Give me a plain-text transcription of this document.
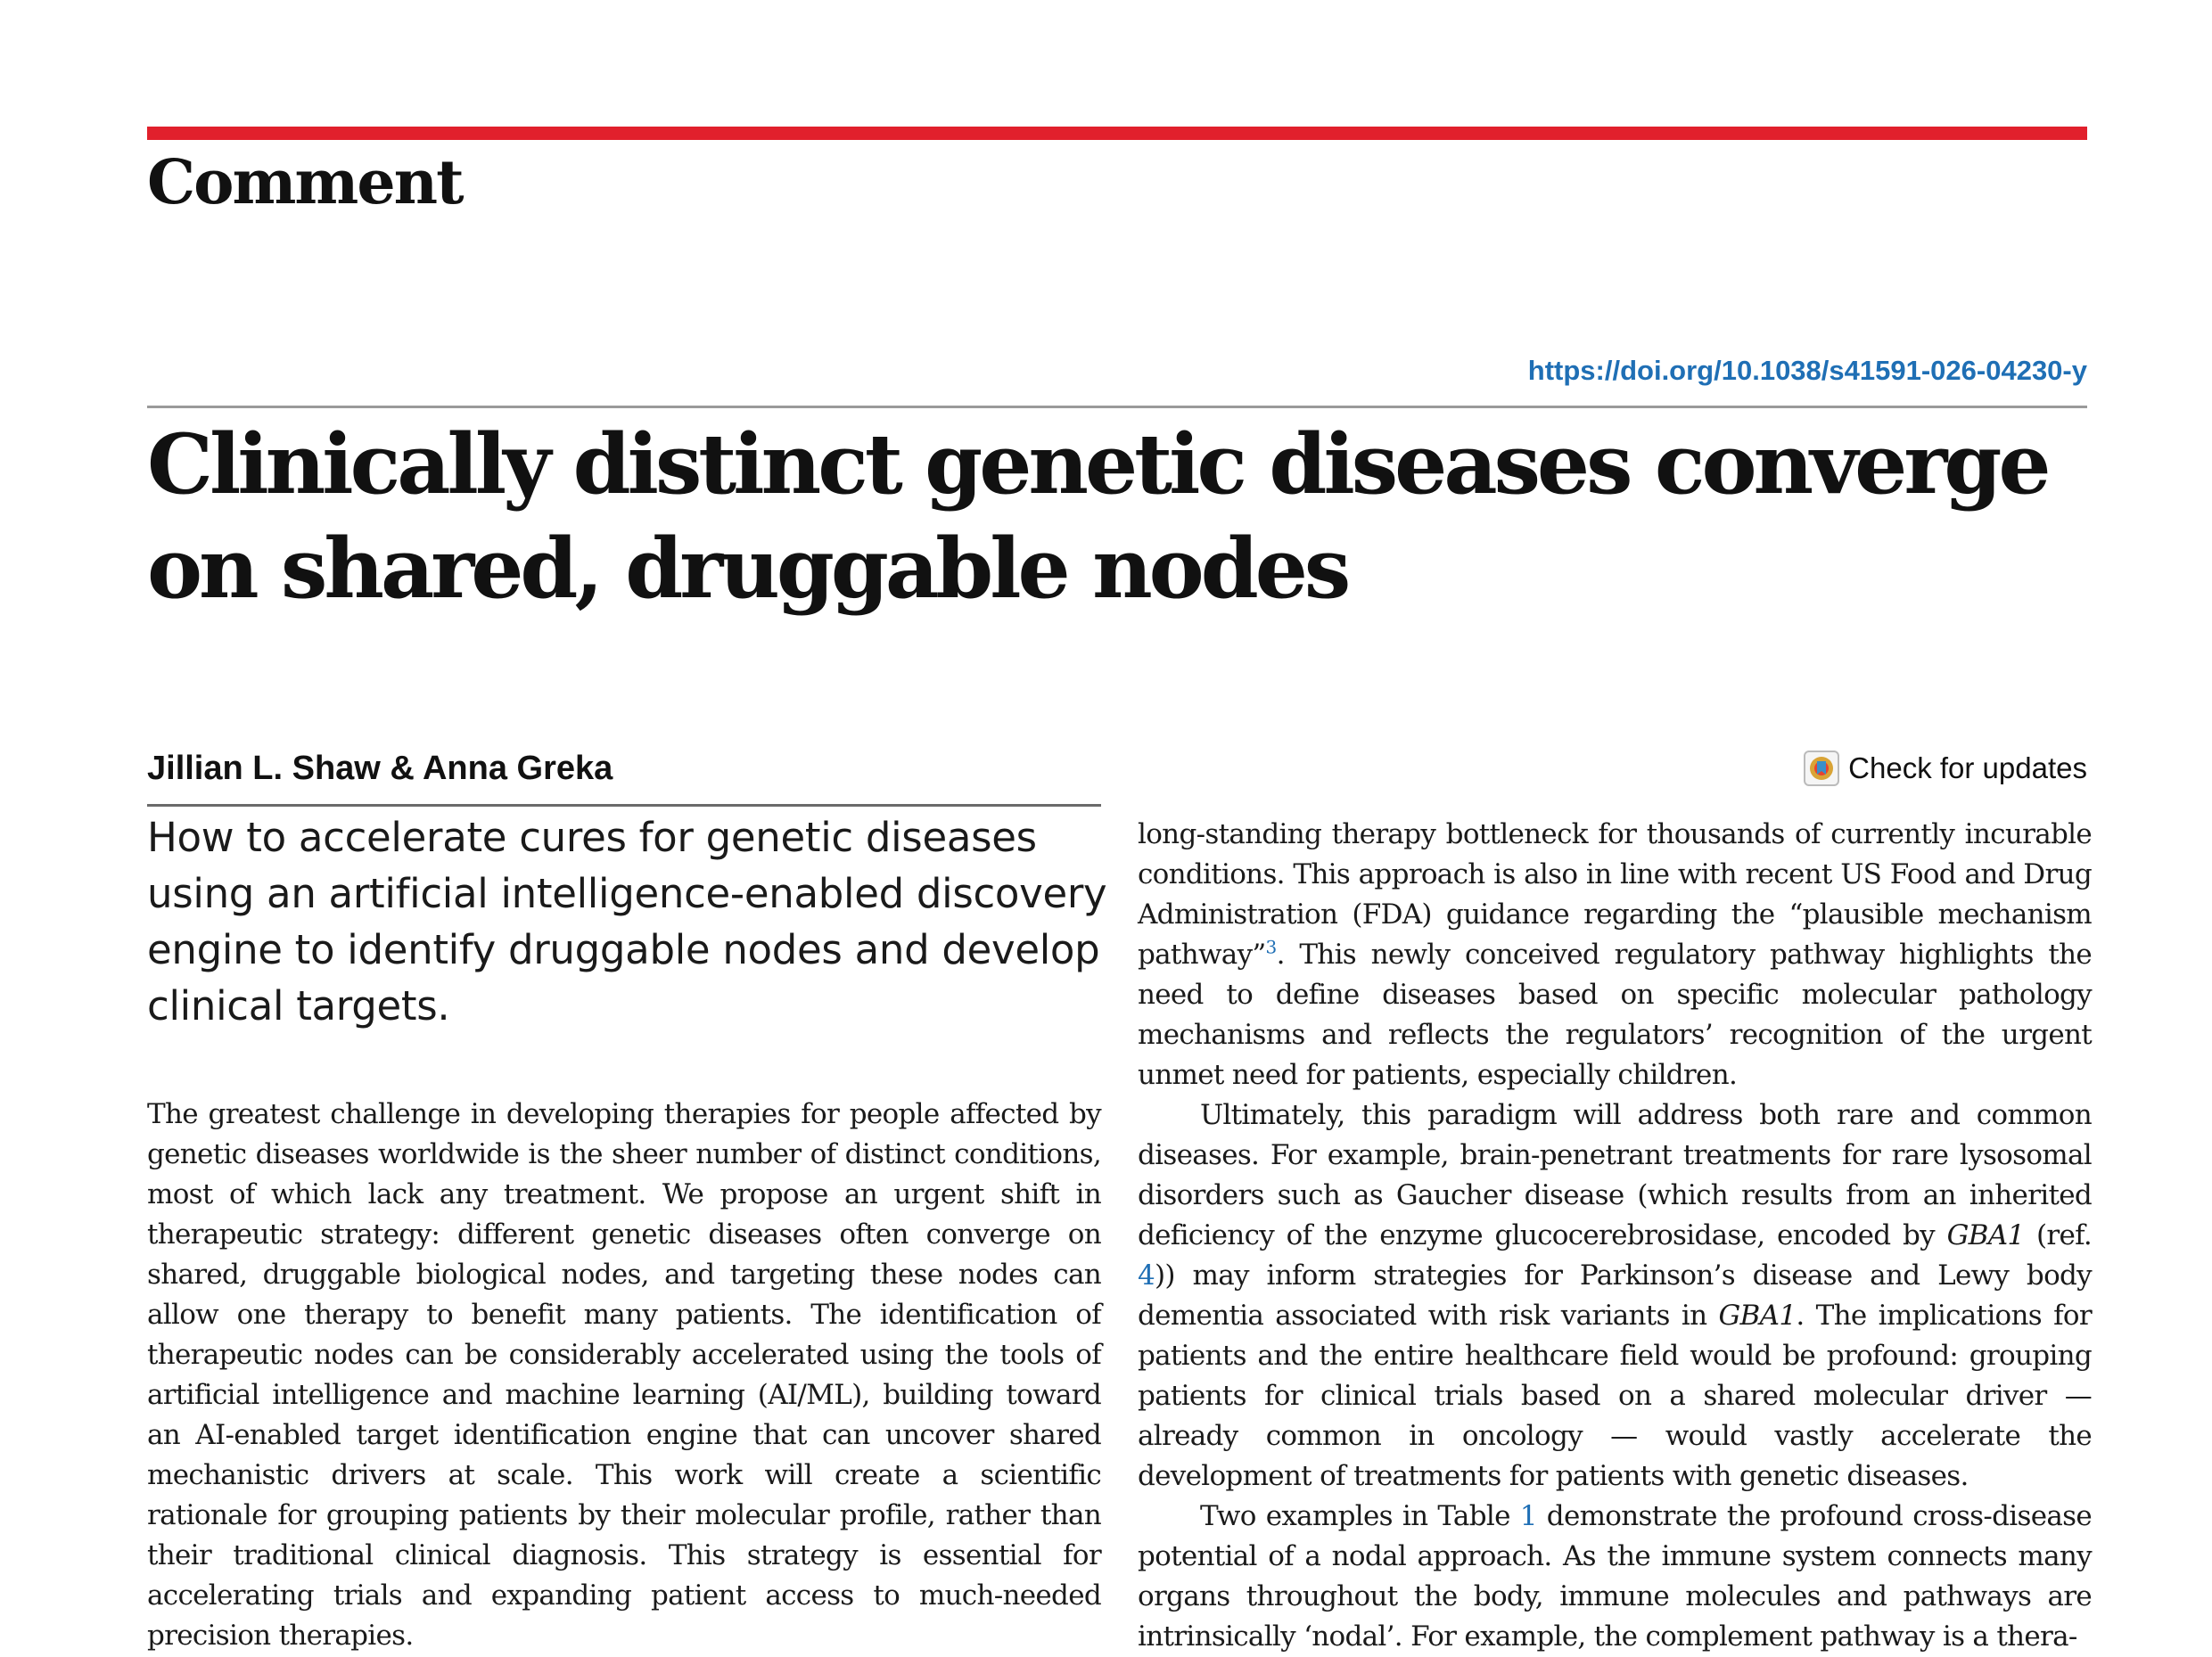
Comment
https://doi.org/10.1038/s41591-026-04230-y
Clinically distinct genetic diseases converge on shared, druggable nodes
Jillian L. Shaw & Anna Greka	Check for updates

How to accelerate cures for genetic diseases using an artificial intelligence-enabled discovery engine to identify druggable nodes and develop clinical targets.

The greatest challenge in developing therapies for people affected by genetic diseases worldwide is the sheer number of distinct conditions, most of which lack any treatment. We propose an urgent shift in therapeutic strategy: different genetic diseases often converge on shared, druggable biological nodes, and targeting these nodes can allow one therapy to benefit many patients. The identification of therapeutic nodes can be considerably accelerated using the tools of artificial intelligence and machine learning (AI/ML), building toward an AI-enabled target identification engine that can uncover shared mechanistic drivers at scale. This work will create a scientific rationale for grouping patients by their molecular profile, rather than their traditional clinical diagnosis. This strategy is essential for accelerating trials and expanding patient access to much-needed precision therapies.

long-standing therapy bottleneck for thousands of currently incurable conditions. This approach is also in line with recent US Food and Drug Administration (FDA) guidance regarding the “plausible mechanism pathway”$^3$. This newly conceived regulatory pathway highlights the need to define diseases based on specific molecular pathology mechanisms and reflects the regulators’ recognition of the urgent unmet need for patients, especially children.

Ultimately, this paradigm will address both rare and common diseases. For example, brain-penetrant treatments for rare lysosomal disorders such as Gaucher disease (which results from an inherited deficiency of the enzyme glucocerebrosidase, encoded by GBA1 (ref. 4)) may inform strategies for Parkinson’s disease and Lewy body dementia associated with risk variants in GBA1. The implications for patients and the entire healthcare field would be profound: grouping patients for clinical trials based on a shared molecular driver — already common in oncology — would vastly accelerate the development of treatments for patients with genetic diseases.

Two examples in Table 1 demonstrate the profound cross-disease potential of a nodal approach. As the immune system connects many organs throughout the body, immune molecules and pathways are intrinsically ‘nodal’. For example, the complement pathway is a thera-
